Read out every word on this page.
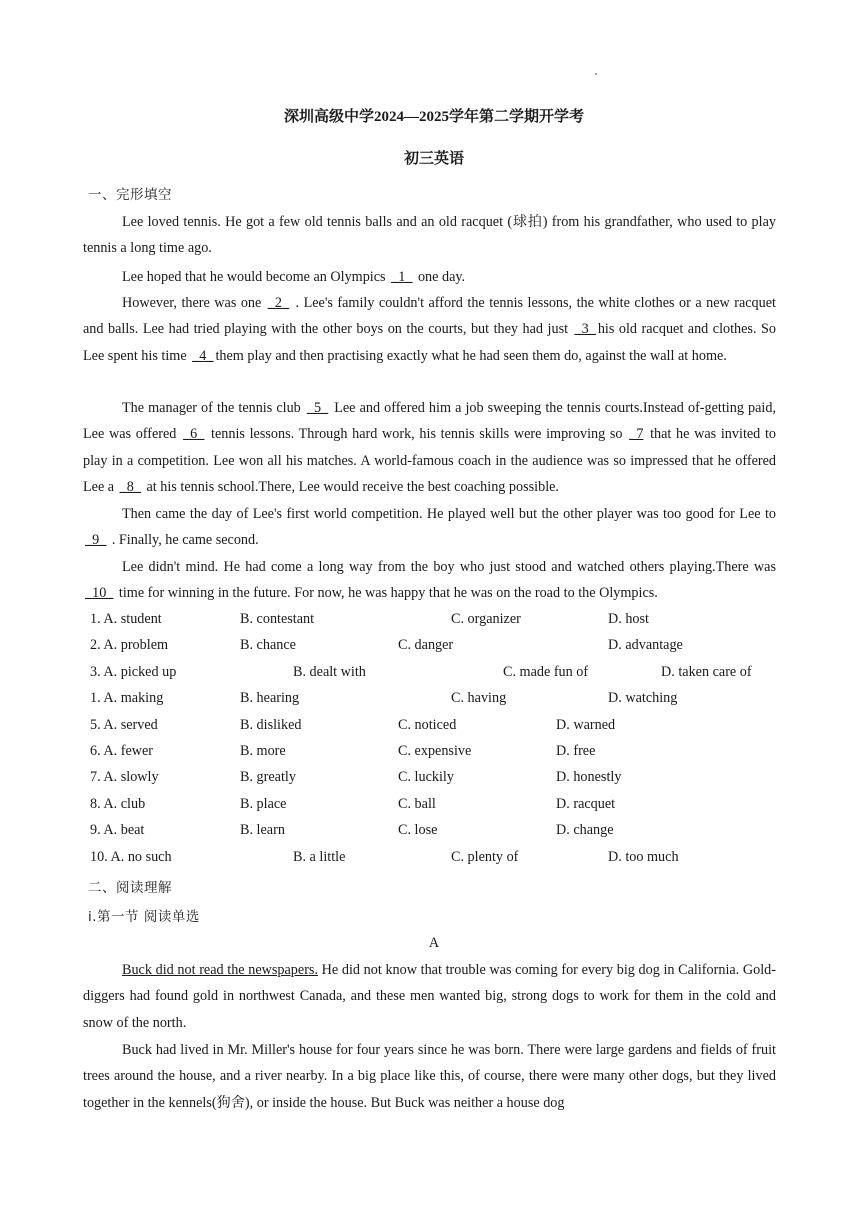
深圳高级中学2024—2025学年第二学期开学考
初三英语
一、完形填空
Lee loved tennis. He got a few old tennis balls and an old racquet (球拍) from his grandfather, who used to play tennis a long time ago.
Lee hoped that he would become an Olympics _1_ one day.
However, there was one _2_ . Lee's family couldn't afford the tennis lessons, the white clothes or a new racquet and balls. Lee had tried playing with the other boys on the courts, but they had just _3_ his old racquet and clothes. So Lee spent his time _4_ them play and then practising exactly what he had seen them do, against the wall at home.
The manager of the tennis club _5_ Lee and offered him a job sweeping the tennis courts.Instead of-getting paid, Lee was offered _6_ tennis lessons. Through hard work, his tennis skills were improving so _7 that he was invited to play in a competition. Lee won all his matches. A world-famous coach in the audience was so impressed that he offered Lee a _8_ at his tennis school.There, Lee would receive the best coaching possible.
Then came the day of Lee's first world competition. He played well but the other player was too good for Lee to _9_ . Finally, he came second.
Lee didn't mind. He had come a long way from the boy who just stood and watched others playing.There was _10_ time for winning in the future. For now, he was happy that he was on the road to the Olympics.
1. A. student	B. contestant	C. organizer	D. host
2. A. problem	B. chance	C. danger	D. advantage
3. A. picked up	B. dealt with	C. made fun of	D. taken care of
1. A. making	B. hearing	C. having	D. watching
5. A. served	B. disliked	C. noticed	D. warned
6. A. fewer	B. more	C. expensive	D. free
7. A. slowly	B. greatly	C. luckily	D. honestly
8. A. club	B. place	C. ball	D. racquet
9. A. beat	B. learn	C. lose	D. change
10. A. no such	B. a little	C. plenty of	D. too much
二、阅读理解
i.第一节 阅读单选
A
Buck did not read the newspapers. He did not know that trouble was coming for every big dog in California. Gold-diggers had found gold in northwest Canada, and these men wanted big, strong dogs to work for them in the cold and snow of the north.
Buck had lived in Mr. Miller's house for four years since he was born. There were large gardens and fields of fruit trees around the house, and a river nearby. In a big place like this, of course, there were many other dogs, but they lived together in the kennels(狗舍), or inside the house. But Buck was neither a house dog
